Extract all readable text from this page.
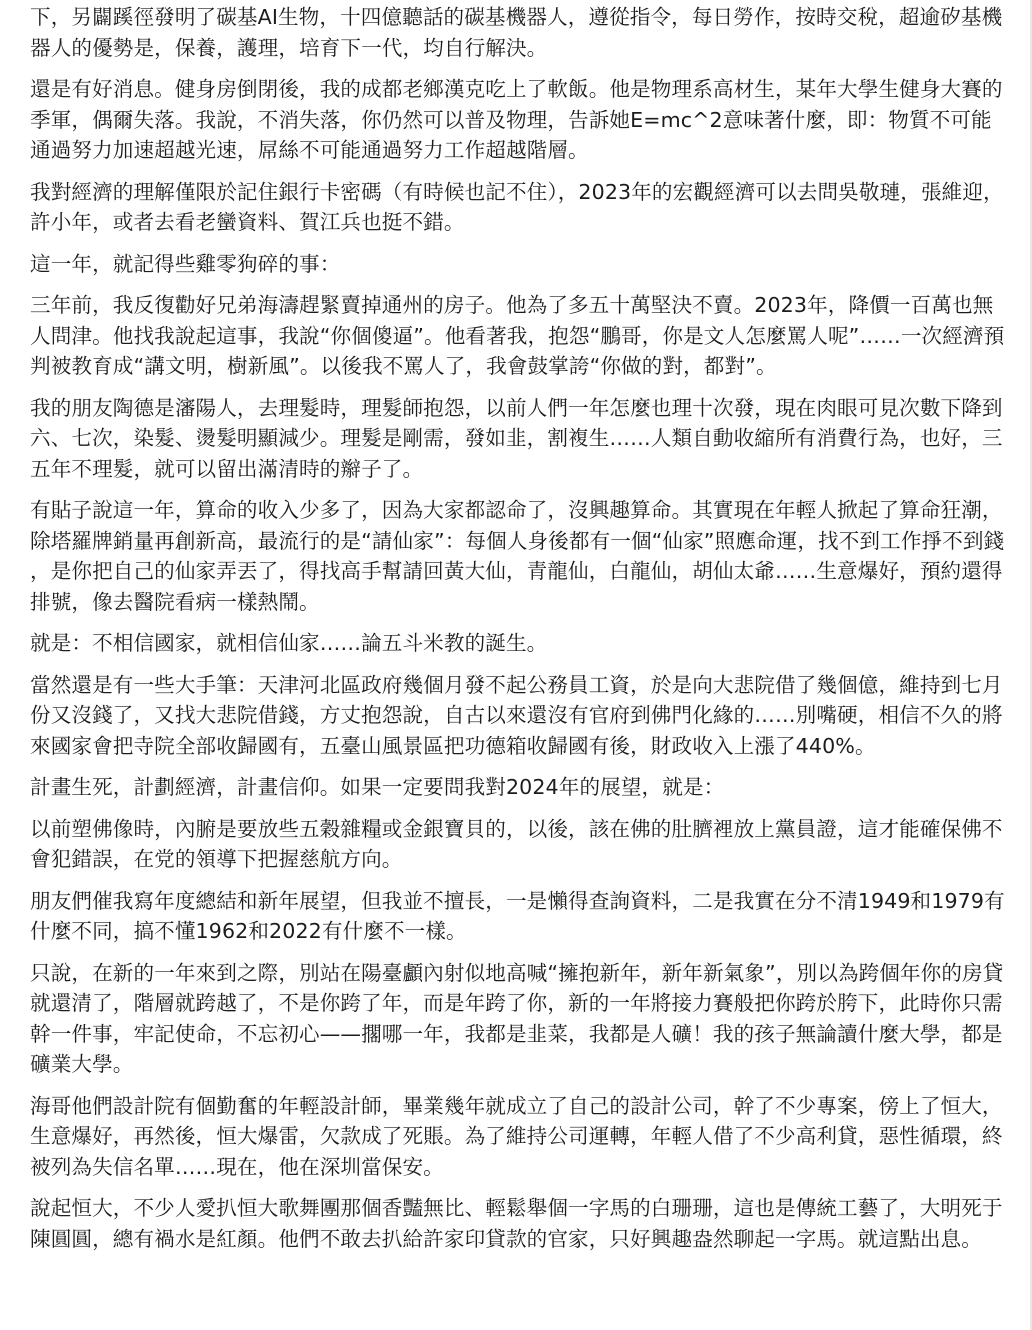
下，另闢蹊徑發明了碳基AI生物，十四億聽話的碳基機器人，遵從指令，每日勞作，按時交稅，超逾矽基機器人的優勢是，保養，護理，培育下一代，均自行解決。

還是有好消息。健身房倒閉後，我的成都老鄉漢克吃上了軟飯。他是物理系高材生，某年大學生健身大賽的季軍，偶爾失落。我說，不消失落，你仍然可以普及物理，告訴她E=mc^2意味著什麼，即：物質不可能通過努力加速超越光速，屌絲不可能通過努力工作超越階層。

我對經濟的理解僅限於記住銀行卡密碼（有時候也記不住），2023年的宏觀經濟可以去問吳敬璉，張維迎，許小年，或者去看老蠻資料、賀江兵也挺不錯。

這一年，就記得些雞零狗碎的事：

三年前，我反復勸好兄弟海濤趕緊賣掉通州的房子。他為了多五十萬堅決不賣。2023年，降價一百萬也無人問津。他找我說起這事，我說“你個傻逼”。他看著我，抱怨“鵬哥，你是文人怎麼罵人呢”……一次經濟預判被教育成“講文明，樹新風”。以後我不罵人了，我會鼓掌誇“你做的對，都對”。

我的朋友陶德是瀋陽人，去理髮時，理髮師抱怨，以前人們一年怎麼也理十次發，現在肉眼可見次數下降到六、七次，染髮、燙髮明顯減少。理髮是剛需，發如韭，割複生……人類自動收縮所有消費行為，也好，三五年不理髮，就可以留出滿清時的辮子了。

有貼子說這一年，算命的收入少多了，因為大家都認命了，沒興趣算命。其實現在年輕人掀起了算命狂潮，除塔羅牌銷量再創新高，最流行的是“請仙家”：每個人身後都有一個“仙家”照應命運，找不到工作掙不到錢，是你把自己的仙家弄丟了，得找高手幫請回黃大仙，青龍仙，白龍仙，胡仙太爺……生意爆好，預約還得排號，像去醫院看病一樣熱鬧。

就是：不相信國家，就相信仙家……論五斗米教的誕生。

當然還是有一些大手筆：天津河北區政府幾個月發不起公務員工資，於是向大悲院借了幾個億，維持到七月份又沒錢了，又找大悲院借錢，方丈抱怨說，自古以來還沒有官府到佛門化緣的……別嘴硬，相信不久的將來國家會把寺院全部收歸國有，五臺山風景區把功德箱收歸國有後，財政收入上漲了440%。

計畫生死，計劃經濟，計畫信仰。如果一定要問我對2024年的展望，就是：

以前塑佛像時，內腑是要放些五穀雜糧或金銀寶貝的，以後，該在佛的肚臍裡放上黨員證，這才能確保佛不會犯錯誤，在党的領導下把握慈航方向。

朋友們催我寫年度總結和新年展望，但我並不擅長，一是懶得查詢資料，二是我實在分不清1949和1979有什麼不同，搞不懂1962和2022有什麼不一樣。

只說，在新的一年來到之際，別站在陽臺顱內射似地高喊“擁抱新年，新年新氣象”，別以為跨個年你的房貸就還清了，階層就跨越了，不是你跨了年，而是年跨了你，新的一年將接力賽般把你跨於胯下，此時你只需幹一件事，牢記使命，不忘初心——擱哪一年，我都是韭菜，我都是人礦！我的孩子無論讀什麼大學，都是礦業大學。

海哥他們設計院有個勤奮的年輕設計師，畢業幾年就成立了自己的設計公司，幹了不少專案，傍上了恒大，生意爆好，再然後，恒大爆雷，欠款成了死賬。為了維持公司運轉，年輕人借了不少高利貸，惡性循環，終被列為失信名單……現在，他在深圳當保安。

說起恒大，不少人愛扒恒大歌舞團那個香豔無比、輕鬆舉個一字馬的白珊珊，這也是傳統工藝了，大明死于陳圓圓，總有禍水是紅顏。他們不敢去扒給許家印貸款的官家，只好興趣盎然聊起一字馬。就這點出息。
